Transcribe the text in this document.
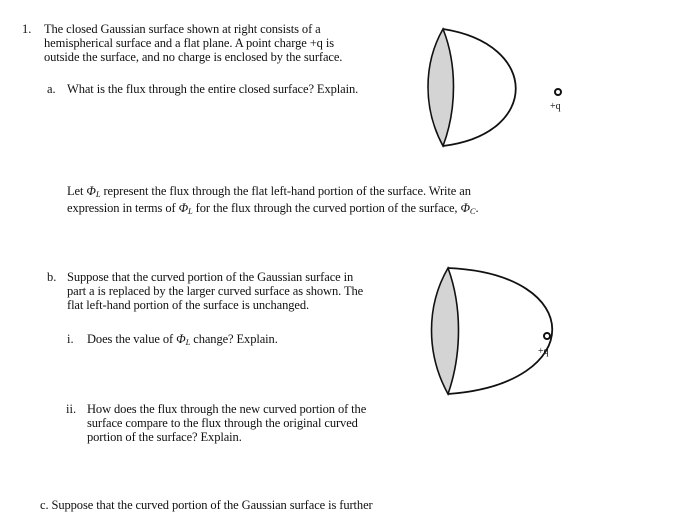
1. The closed Gaussian surface shown at right consists of a
hemispherical surface and a flat plane. A point charge +q is
outside the surface, and no charge is enclosed by the surface.
a. What is the flux through the entire closed surface? Explain.
Let $\Phi_L$ represent the flux through the flat left-hand portion of the surface. Write an
expression in terms of $\Phi_L$ for the flux through the curved portion of the surface, $\Phi_C$.
b. Suppose that the curved portion of the Gaussian surface in
part a is replaced by the larger curved surface as shown. The
flat left-hand portion of the surface is unchanged.
i. Does the value of $\Phi_L$ change? Explain.
ii. How does the flux through the new curved portion of the
surface compare to the flux through the original curved
portion of the surface? Explain.
c. Suppose that the curved portion of the Gaussian surface is further
+q
+q
